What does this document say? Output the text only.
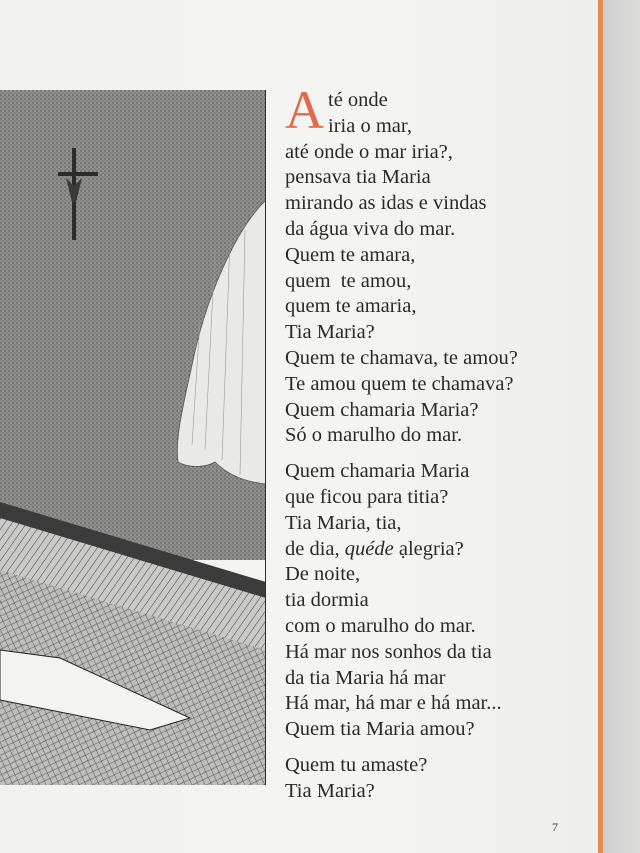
A té onde
iria o mar,
até onde o mar iria?,
pensava tia Maria
mirando as idas e vindas
da água viva do mar.
Quem te amara,
quem  te amou,
quem te amaria,
Tia Maria?
Quem te chamava, te amou?
Te amou quem te chamava?
Quem chamaria Maria?
Só o marulho do mar.
Quem chamaria Maria
que ficou para titia?
Tia Maria, tia,
de dia, quéde ạlegria?
De noite,
tia dormia
com o marulho do mar.
Há mar nos sonhos da tia
da tia Maria há mar
Há mar, há mar e há mar...
Quem tia Maria amou?
Quem tu amaste?
Tia Maria?
7
